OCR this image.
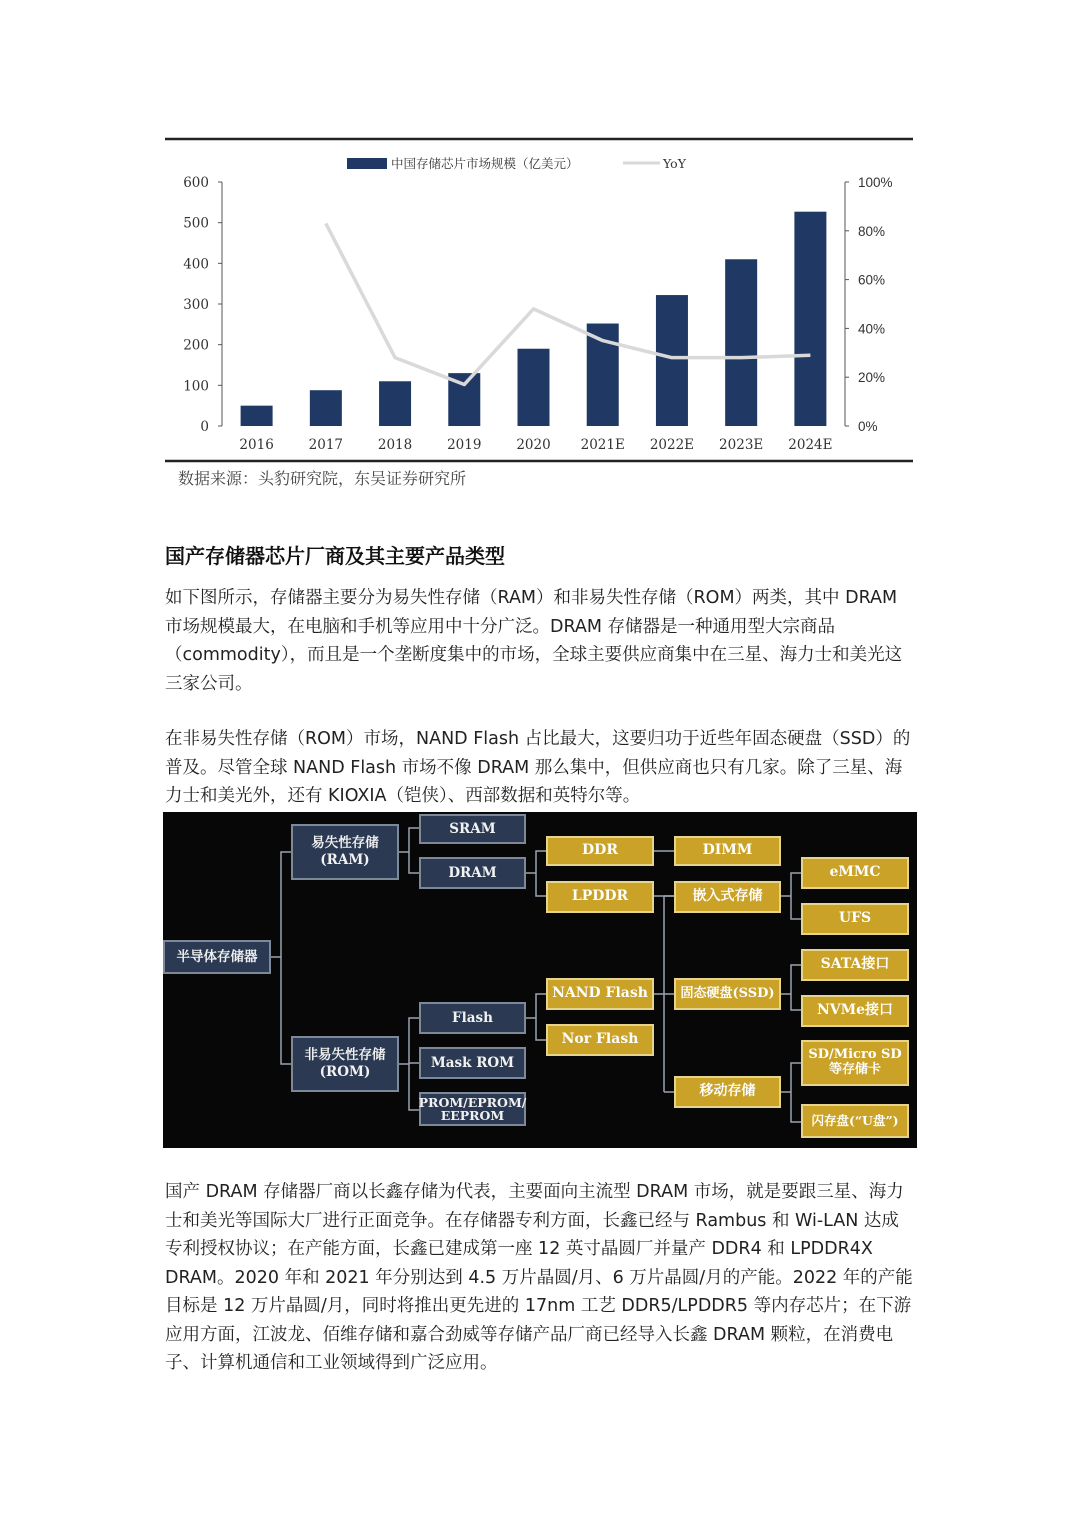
中国存储芯片市场规模（亿美元）	YoY
0
100
200
300
400
500
600
0%
20%
40%
60%
80%
100%
2016	2017	2018	2019	2020 2021E 2022E 2023E 2024E
数据来源：头豹研究院，东吴证券研究所
国产存储器芯片厂商及其主要产品类型

如下图所示，存储器主要分为易失性存储（RAM）和非易失性存储（ROM）两类，其中 DRAM 市场规模最大，在电脑和手机等应用中十分广泛。DRAM 存储器是一种通用型大宗商品（commodity），而且是一个垄断度集中的市场，全球主要供应商集中在三星、海力士和美光这三家公司。

在非易失性存储（ROM）市场，NAND Flash 占比最大，这要归功于近些年固态硬盘（SSD）的普及。尽管全球 NAND Flash 市场不像 DRAM 那么集中，但供应商也只有几家。除了三星、海力士和美光外，还有 KIOXIA（铠侠）、西部数据和英特尔等。

半导体存储器
易失性存储
(RAM)
非易失性存储
(ROM)
SRAM
DRAM
Flash
Mask ROM
PROM/EPROM/
EEPROM
DDR
LPDDR
NAND Flash
Nor Flash
DIMM
嵌入式存储
固态硬盘(SSD)
移动存储
eMMC
UFS
SATA接口
NVMe接口
SD/Micro SD
等存储卡
闪存盘(“U盘”)

国产 DRAM 存储器厂商以长鑫存储为代表，主要面向主流型 DRAM 市场，就是要跟三星、海力士和美光等国际大厂进行正面竞争。在存储器专利方面，长鑫已经与 Rambus 和 Wi-LAN 达成专利授权协议；在产能方面，长鑫已建成第一座 12 英寸晶圆厂并量产 DDR4 和 LPDDR4X DRAM。2020 年和 2021 年分别达到 4.5 万片晶圆/月、6 万片晶圆/月的产能。2022 年的产能目标是 12 万片晶圆/月，同时将推出更先进的 17nm 工艺 DDR5/LPDDR5 等内存芯片；在下游应用方面，江波龙、佰维存储和嘉合劲威等存储产品厂商已经导入长鑫 DRAM 颗粒，在消费电子、计算机通信和工业领域得到广泛应用。
